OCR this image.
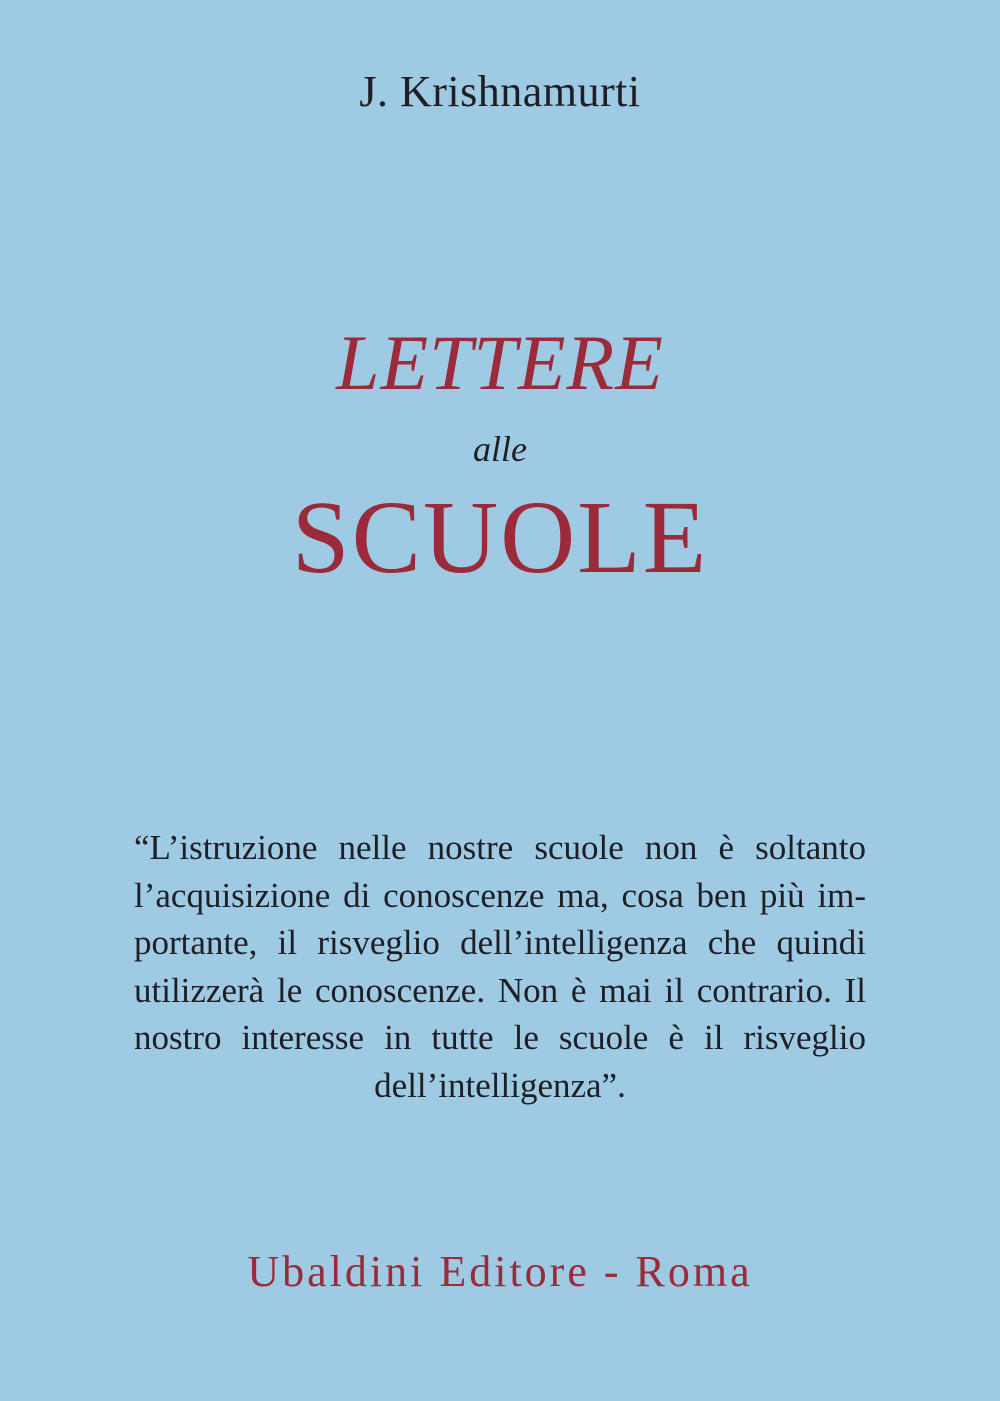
J. Krishnamurti
LETTERE
alle
SCUOLE
“L’istruzione nelle nostre scuole non è soltanto
l’acquisizione di conoscenze ma, cosa ben più im-
portante, il risveglio dell’intelligenza che quindi
utilizzerà le conoscenze. Non è mai il contrario. Il
nostro interesse in tutte le scuole è il risveglio
dell’intelligenza”.
Ubaldini Editore - Roma
